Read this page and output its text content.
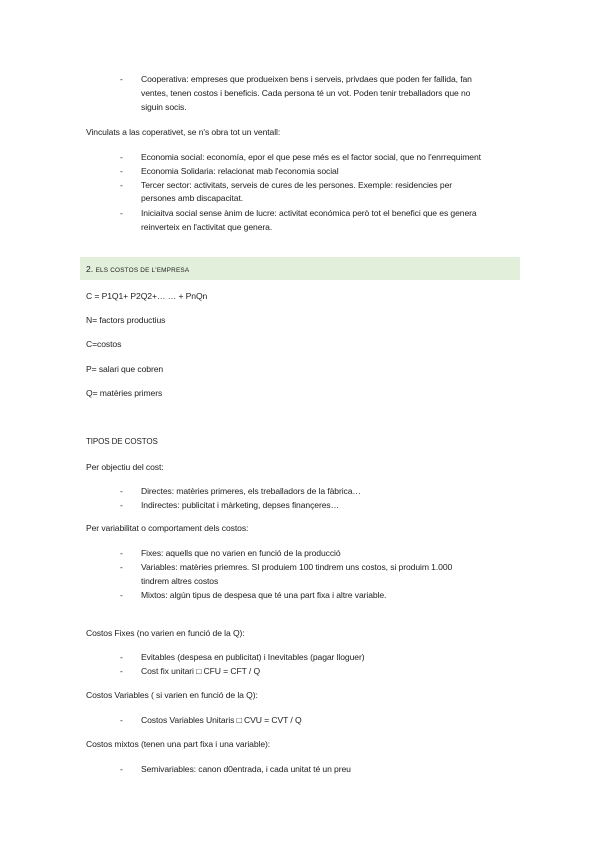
- Cooperativa: empreses que produeixen bens i serveis, privdaes que poden fer fallida, fan
ventes, tenen costos i beneficis. Cada persona té un vot. Poden tenir treballadors que no
siguin socis.
Vinculats a las coperativet, se n's obra tot un ventall:
- Economia social: economía, epor el que pese més es el factor social, que no l'enrrequiment
- Economia Solidaria: relacionat mab l'economia social
- Tercer sector: activitats, serveis de cures de les persones. Exemple: residencies per
persones amb discapacitat.
- Iniciaitva social sense ànim de lucre: activitat económica però tot el benefici que es genera
reinverteix en l'activitat que genera.
2. ELS COSTOS DE L'EMPRESA
C = P1Q1+ P2Q2+… … + PnQn
N= factors productius
C=costos
P= salari que cobren
Q= matèries primers
TIPOS DE COSTOS
Per objectiu del cost:
- Directes: matèries primeres, els treballadors de la fàbrica…
- Indirectes: publicitat i màrketing, depses finançeres…
Per variabilitat o comportament dels costos:
- Fixes: aquells que no varien en funció de la producció
- Variables: matèries priemres. SI produiem 100 tindrem uns costos, si produim 1.000
tindrem altres costos
- Mixtos: algún tipus de despesa que té una part fixa i altre variable.
Costos Fixes (no varien en funció de la Q):
- Evitables (despesa en publicitat) i Inevitables (pagar lloguer)
- Cost fix unitari □ CFU = CFT / Q
Costos Variables ( si varien en funció de la Q):
- Costos Variables Unitaris □ CVU = CVT / Q
Costos mixtos (tenen una part fixa i una variable):
- Semivariables: canon d0entrada, i cada unitat té un preu
